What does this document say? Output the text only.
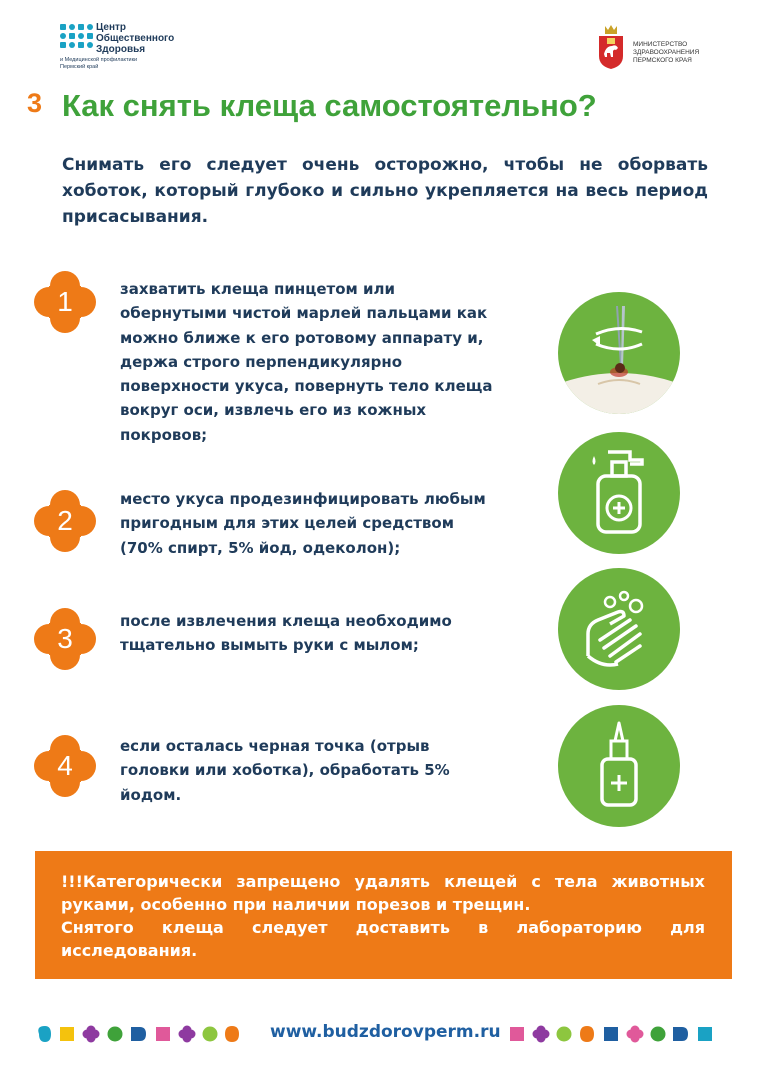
Центр
Общественного
Здоровья
и Медицинской профилактики
Пермский край
МИНИСТЕРСТВО
ЗДРАВООХРАНЕНИЯ
ПЕРМСКОГО КРАЯ
3 Как снять клеща самостоятельно?
Снимать его следует очень осторожно, чтобы не оборвать хоботок, который глубоко и сильно укрепляется на весь период присасывания.
1	захватить клеща пинцетом или обернутыми чистой марлей пальцами как можно ближе к его ротовому аппарату и, держа строго перпендикулярно поверхности укуса, повернуть тело клеща вокруг оси, извлечь его из кожных покровов;
2
место укуса продезинфицировать любым пригодным для этих целей средством (70% спирт, 5% йод, одеколон);
3
после извлечения клеща необходимо тщательно вымыть руки с мылом;
4
если осталась черная точка (отрыв головки или хоботка), обработать 5% йодом.

!!!Категорически запрещено удалять клещей с тела животных руками, особенно при наличии порезов и трещин.

Снятого клеща следует доставить в лабораторию для исследования.

www.budzdorovperm.ru
